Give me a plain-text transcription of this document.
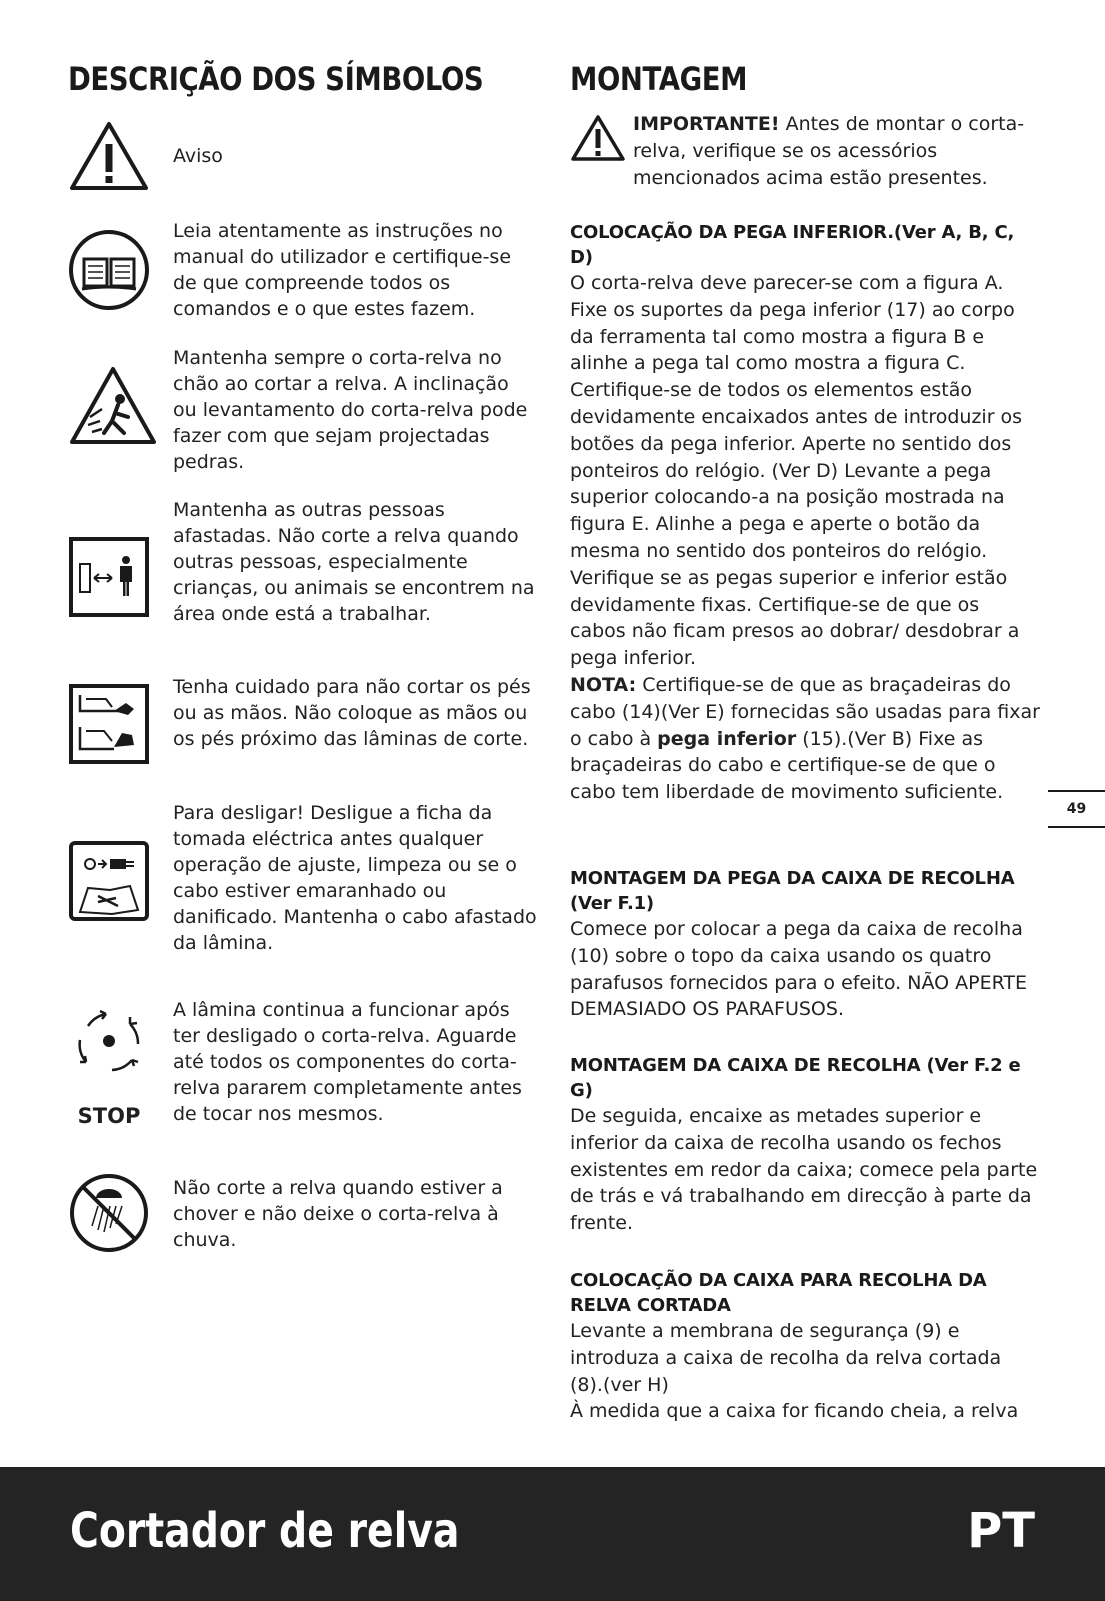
DESCRIÇÃO DOS SÍMBOLOS
Aviso
Leia atentamente as instruções no manual do utilizador e certifique-se de que compreende todos os comandos e o que estes fazem.
Mantenha sempre o corta-relva no chão ao cortar a relva. A inclinação ou levantamento do corta-relva pode fazer com que sejam projectadas pedras.
Mantenha as outras pessoas afastadas. Não corte a relva quando outras pessoas, especialmente crianças, ou animais se encontrem na área onde está a trabalhar.
Tenha cuidado para não cortar os pés ou as mãos. Não coloque as mãos ou os pés próximo das lâminas de corte.
Para desligar! Desligue a ficha da tomada eléctrica antes qualquer operação de ajuste, limpeza ou se o cabo estiver emaranhado ou danificado. Mantenha o cabo afastado da lâmina.
STOP
A lâmina continua a funcionar após ter desligado o corta-relva. Aguarde até todos os componentes do corta-relva pararem completamente antes de tocar nos mesmos.
Não corte a relva quando estiver a chover e não deixe o corta-relva à chuva.
MONTAGEM
IMPORTANTE! Antes de montar o corta-relva, verifique se os acessórios mencionados acima estão presentes.
COLOCAÇÃO DA PEGA INFERIOR.(Ver A, B, C, D)

O corta-relva deve parecer-se com a figura A. Fixe os suportes da pega inferior (17) ao corpo da ferramenta tal como mostra a figura B e alinhe a pega tal como mostra a figura C. Certifique-se de todos os elementos estão devidamente encaixados antes de introduzir os botões da pega inferior. Aperte no sentido dos ponteiros do relógio. (Ver D) Levante a pega superior colocando-a na posição mostrada na figura E. Alinhe a pega e aperte o botão da mesma no sentido dos ponteiros do relógio. Verifique se as pegas superior e inferior estão devidamente fixas. Certifique-se de que os cabos não ficam presos ao dobrar/ desdobrar a pega inferior.

NOTA: Certifique-se de que as braçadeiras do cabo (14)(Ver E) fornecidas são usadas para fixar o cabo à pega inferior (15).(Ver B) Fixe as braçadeiras do cabo e certifique-se de que o cabo tem liberdade de movimento suficiente.

MONTAGEM DA PEGA DA CAIXA DE RECOLHA (Ver F.1)

Comece por colocar a pega da caixa de recolha (10) sobre o topo da caixa usando os quatro parafusos fornecidos para o efeito. NÃO APERTE DEMASIADO OS PARAFUSOS.

MONTAGEM DA CAIXA DE RECOLHA (Ver F.2 e G)

De seguida, encaixe as metades superior e inferior da caixa de recolha usando os fechos existentes em redor da caixa; comece pela parte de trás e vá trabalhando em direcção à parte da frente.

COLOCAÇÃO DA CAIXA PARA RECOLHA DA RELVA CORTADA

Levante a membrana de segurança (9) e introduza a caixa de recolha da relva cortada (8).(ver H)

À medida que a caixa for ficando cheia, a relva

49
Cortador de relva	PT
